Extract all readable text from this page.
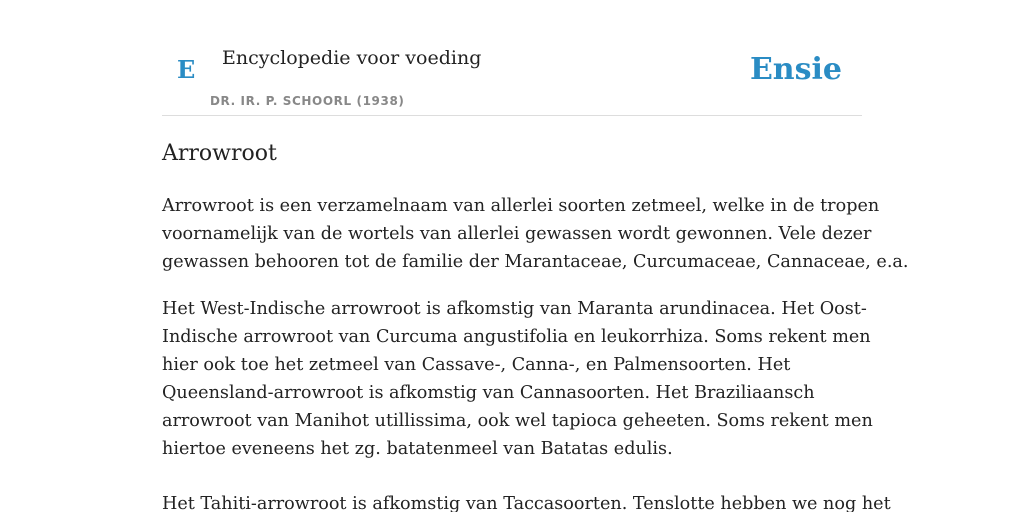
E Encyclopedie voor voeding
DR. IR. P. SCHOORL (1938)
Ensie
Arrowroot

Arrowroot is een verzamelnaam van allerlei soorten zetmeel, welke in de tropen
voornamelijk van de wortels van allerlei gewassen wordt gewonnen. Vele dezer
gewassen behooren tot de familie der Marantaceae, Curcumaceae, Cannaceae, e.a.

Het West-Indische arrowroot is afkomstig van Maranta arundinacea. Het Oost-
Indische arrowroot van Curcuma angustifolia en leukorrhiza. Soms rekent men
hier ook toe het zetmeel van Cassave-, Canna-, en Palmensoorten. Het
Queensland-arrowroot is afkomstig van Cannasoorten. Het Braziliaansch
arrowroot van Manihot utillissima, ook wel tapioca geheeten. Soms rekent men
hiertoe eveneens het zg. batatenmeel van Batatas edulis.

Het Tahiti-arrowroot is afkomstig van Taccasoorten. Tenslotte hebben we nog het
